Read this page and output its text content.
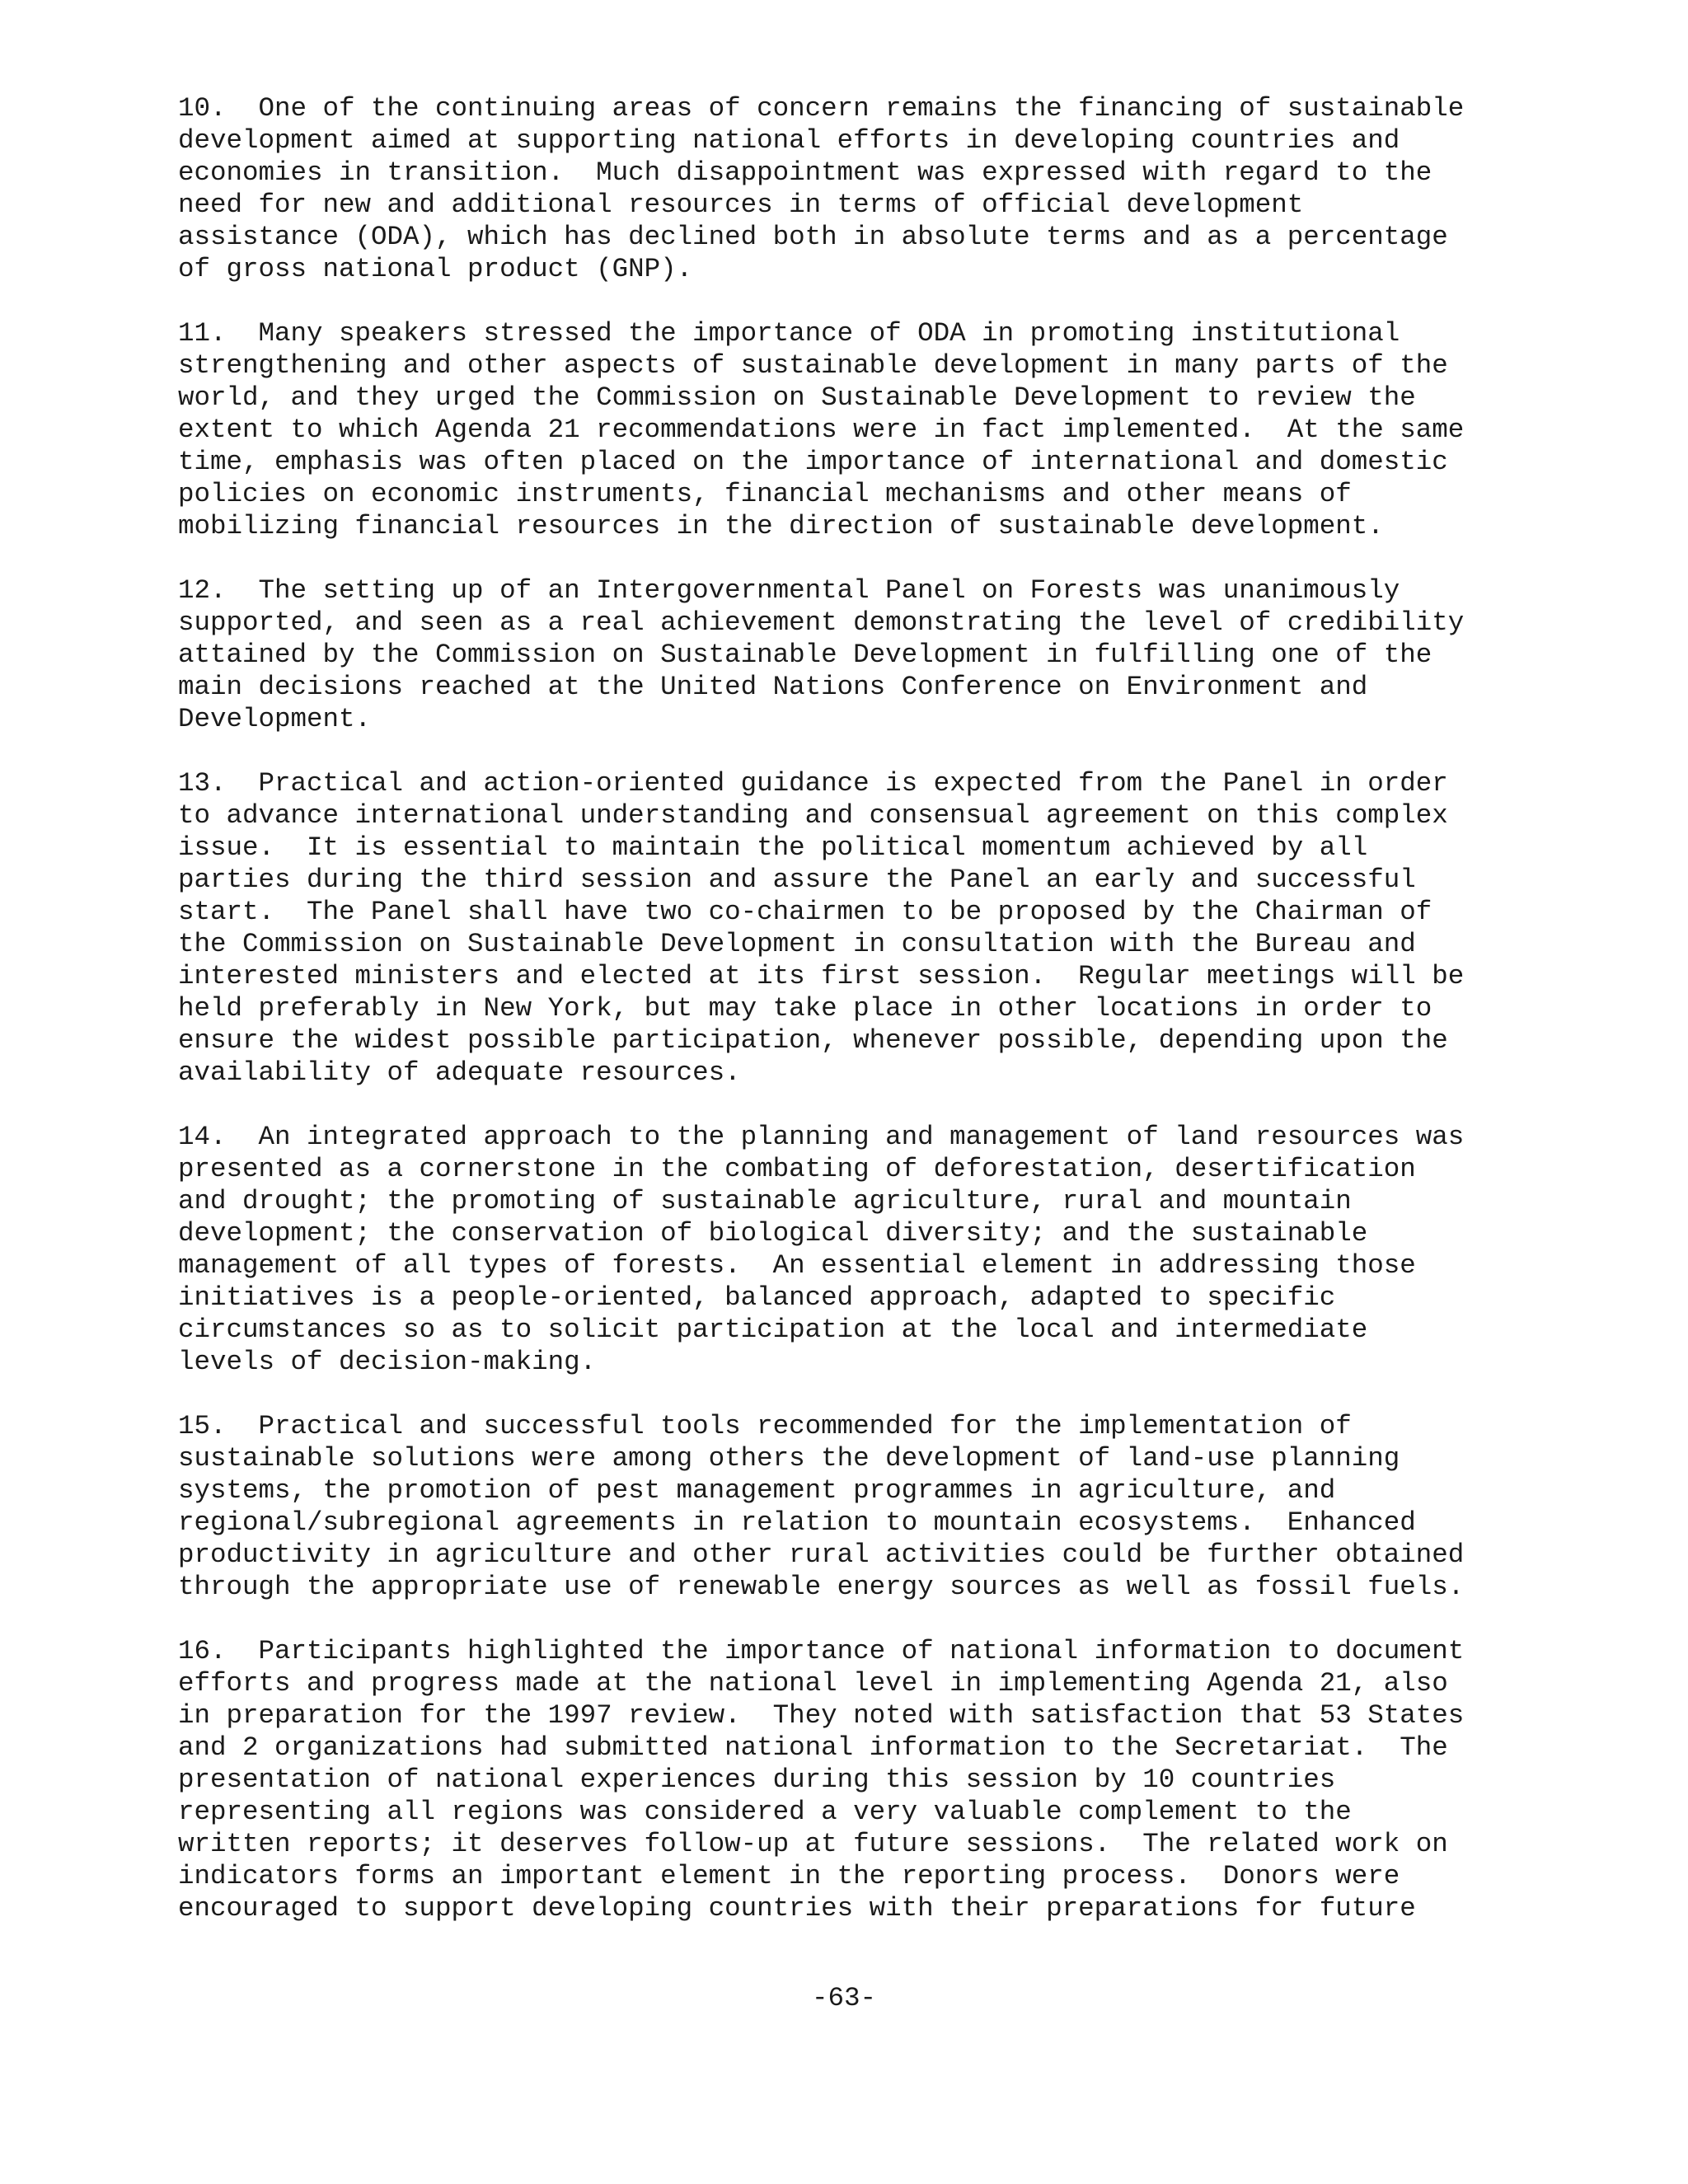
10.  One of the continuing areas of concern remains the financing of sustainable
development aimed at supporting national efforts in developing countries and
economies in transition.  Much disappointment was expressed with regard to the
need for new and additional resources in terms of official development
assistance (ODA), which has declined both in absolute terms and as a percentage
of gross national product (GNP).

11.  Many speakers stressed the importance of ODA in promoting institutional
strengthening and other aspects of sustainable development in many parts of the
world, and they urged the Commission on Sustainable Development to review the
extent to which Agenda 21 recommendations were in fact implemented.  At the same
time, emphasis was often placed on the importance of international and domestic
policies on economic instruments, financial mechanisms and other means of
mobilizing financial resources in the direction of sustainable development.

12.  The setting up of an Intergovernmental Panel on Forests was unanimously
supported, and seen as a real achievement demonstrating the level of credibility
attained by the Commission on Sustainable Development in fulfilling one of the
main decisions reached at the United Nations Conference on Environment and
Development.

13.  Practical and action-oriented guidance is expected from the Panel in order
to advance international understanding and consensual agreement on this complex
issue.  It is essential to maintain the political momentum achieved by all
parties during the third session and assure the Panel an early and successful
start.  The Panel shall have two co-chairmen to be proposed by the Chairman of
the Commission on Sustainable Development in consultation with the Bureau and
interested ministers and elected at its first session.  Regular meetings will be
held preferably in New York, but may take place in other locations in order to
ensure the widest possible participation, whenever possible, depending upon the
availability of adequate resources.

14.  An integrated approach to the planning and management of land resources was
presented as a cornerstone in the combating of deforestation, desertification
and drought; the promoting of sustainable agriculture, rural and mountain
development; the conservation of biological diversity; and the sustainable
management of all types of forests.  An essential element in addressing those
initiatives is a people-oriented, balanced approach, adapted to specific
circumstances so as to solicit participation at the local and intermediate
levels of decision-making.

15.  Practical and successful tools recommended for the implementation of
sustainable solutions were among others the development of land-use planning
systems, the promotion of pest management programmes in agriculture, and
regional/subregional agreements in relation to mountain ecosystems.  Enhanced
productivity in agriculture and other rural activities could be further obtained
through the appropriate use of renewable energy sources as well as fossil fuels.

16.  Participants highlighted the importance of national information to document
efforts and progress made at the national level in implementing Agenda 21, also
in preparation for the 1997 review.  They noted with satisfaction that 53 States
and 2 organizations had submitted national information to the Secretariat.  The
presentation of national experiences during this session by 10 countries
representing all regions was considered a very valuable complement to the
written reports; it deserves follow-up at future sessions.  The related work on
indicators forms an important element in the reporting process.  Donors were
encouraged to support developing countries with their preparations for future

-63-
